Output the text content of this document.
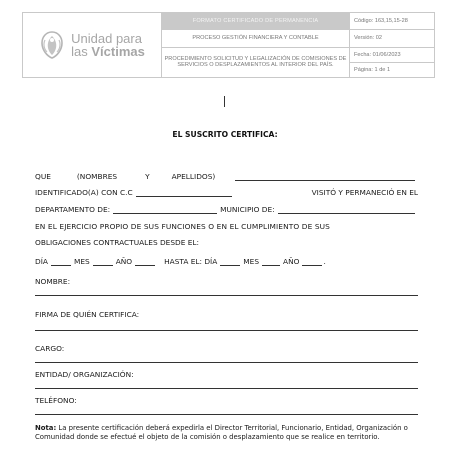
Unidad para
las Víctimas	FORMATO CERTIFICADO DE PERMANENCIA	Código: 163,15,15-28
	PROCESO GESTIÓN FINANCIERA Y CONTABLE	Versión: 02
	PROCEDIMIENTO SOLICITUD Y LEGALIZACIÓN DE COMISIONES DE SERVICIOS O DESPLAZAMIENTOS AL INTERIOR DEL PAÍS.	Fecha: 01/06/2023
		Página: 1 de 1
EL SUSCRITO CERTIFICA:
QUE	(NOMBRES	Y	APELLIDOS)
IDENTIFICADO(A) CON C.C	VISITÓ Y PERMANECIÓ EN EL
DEPARTAMENTO DE:	MUNICIPIO DE:
EN EL EJERCICIO PROPIO DE SUS FUNCIONES O EN EL CUMPLIMIENTO DE SUS
OBLIGACIONES CONTRACTUALES DESDE EL:
DÍA	MES	AÑO	HASTA EL: DÍA	MES	AÑO	.
NOMBRE:
FIRMA DE QUIÉN CERTIFICA:
CARGO:
ENTIDAD/ ORGANIZACIÓN:
TELÉFONO:
Nota: La presente certificación deberá expedirla el Director Territorial, Funcionario, Entidad, Organización o Comunidad donde se efectué el objeto de la comisión o desplazamiento que se realice en territorio.
